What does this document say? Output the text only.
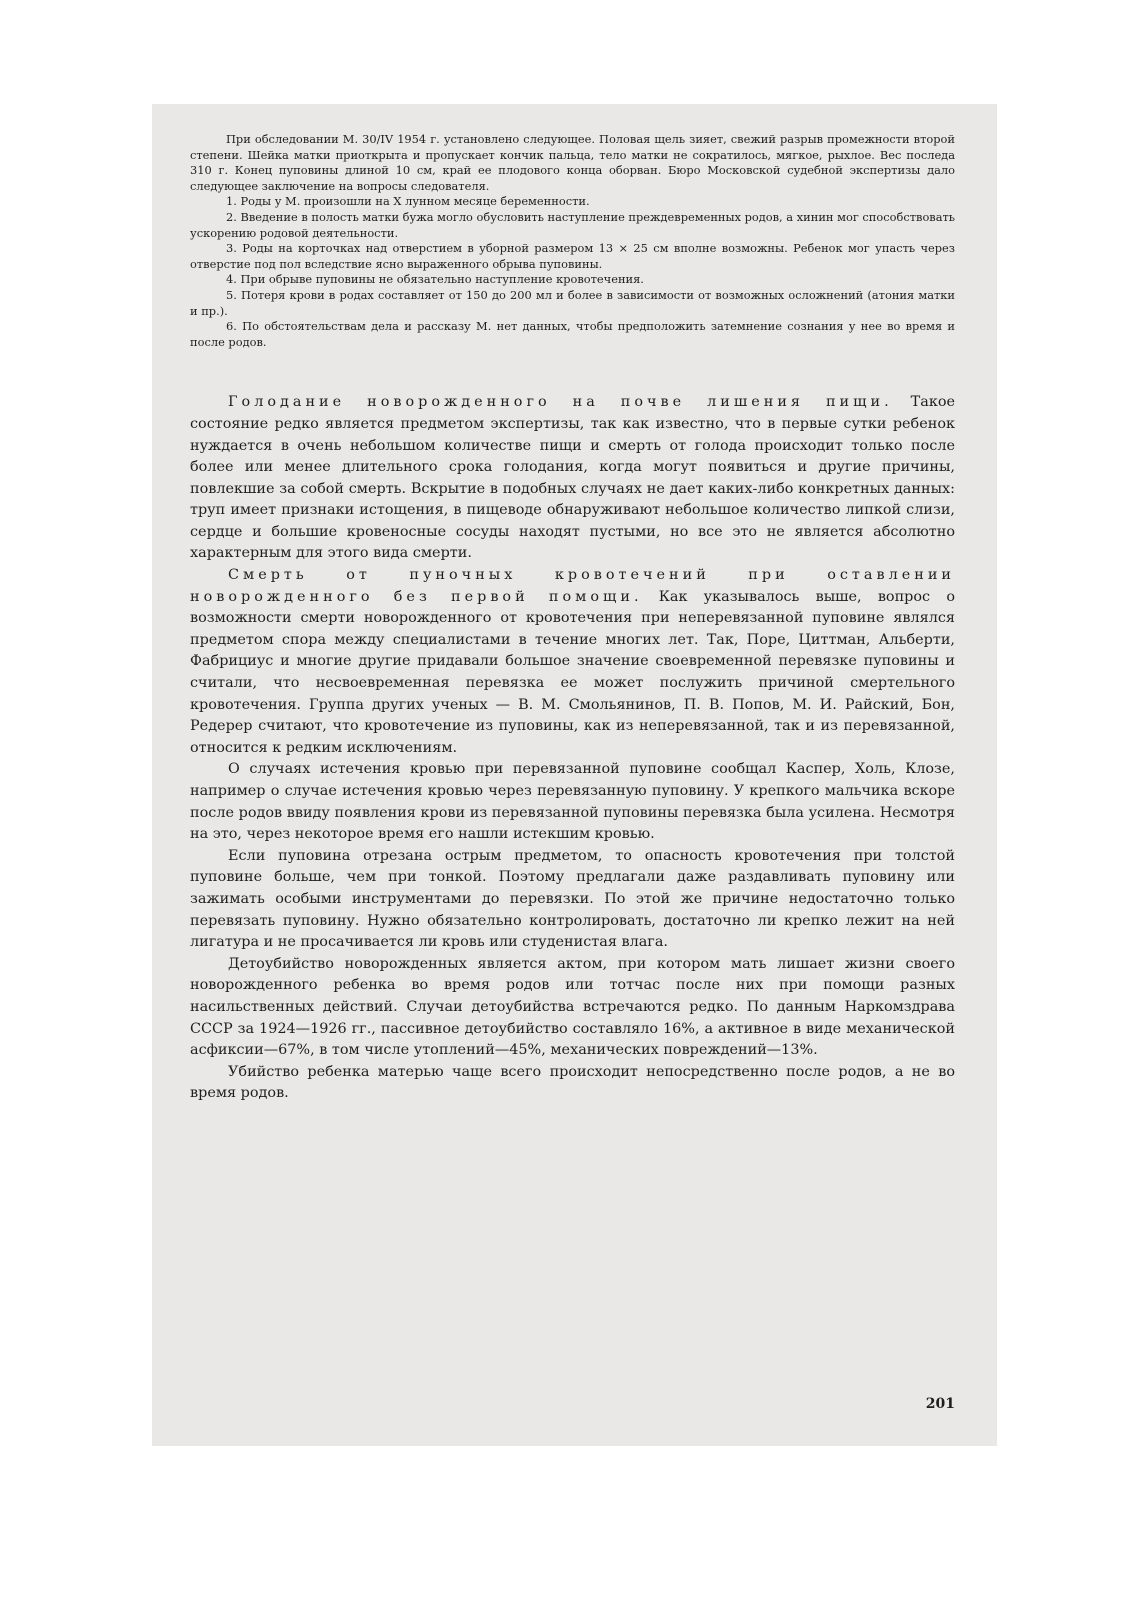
При обследовании М. 30/IV 1954 г. установлено следующее. Половая щель зияет, свежий разрыв промежности второй степени. Шейка матки приоткрыта и пропускает кончик пальца, тело матки не сократилось, мягкое, рыхлое. Вес последа 310 г. Конец пуповины длиной 10 см, край ее плодового конца оборван. Бюро Московской судебной экспертизы дало следующее заключение на вопросы следователя.

1. Роды у М. произошли на X лунном месяце беременности.

2. Введение в полость матки бужа могло обусловить наступление преждевременных родов, а хинин мог способствовать ускорению родовой деятельности.

3. Роды на корточках над отверстием в уборной размером 13 × 25 см вполне возможны. Ребенок мог упасть через отверстие под пол вследствие ясно выраженного обрыва пуповины.

4. При обрыве пуповины не обязательно наступление кровотечения.

5. Потеря крови в родах составляет от 150 до 200 мл и более в зависимости от возможных осложнений (атония матки и пр.).

6. По обстоятельствам дела и рассказу М. нет данных, чтобы предположить затемнение сознания у нее во время и после родов.

Голодание новорожденного на почве лишения пищи. Такое состояние редко является предметом экспертизы, так как известно, что в первые сутки ребенок нуждается в очень небольшом количестве пищи и смерть от голода происходит только после более или менее длительного срока голодания, когда могут появиться и другие причины, повлекшие за собой смерть. Вскрытие в подобных случаях не дает каких-либо конкретных данных: труп имеет признаки истощения, в пищеводе обнаруживают небольшое количество липкой слизи, сердце и большие кровеносные сосуды находят пустыми, но все это не является абсолютно характерным для этого вида смерти.

Смерть от пуночных кровотечений при оставлении новорожденного без первой помощи. Как указывалось выше, вопрос о возможности смерти новорожденного от кровотечения при неперевязанной пуповине являлся предметом спора между специалистами в течение многих лет. Так, Поре, Циттман, Альберти, Фабрициус и многие другие придавали большое значение своевременной перевязке пуповины и считали, что несвоевременная перевязка ее может послужить причиной смертельного кровотечения. Группа других ученых — В. М. Смольянинов, П. В. Попов, М. И. Райский, Бон, Редерер считают, что кровотечение из пуповины, как из неперевязанной, так и из перевязанной, относится к редким исключениям.

О случаях истечения кровью при перевязанной пуповине сообщал Каспер, Холь, Клозе, например о случае истечения кровью через перевязанную пуповину. У крепкого мальчика вскоре после родов ввиду появления крови из перевязанной пуповины перевязка была усилена. Несмотря на это, через некоторое время его нашли истекшим кровью.

Если пуповина отрезана острым предметом, то опасность кровотечения при толстой пуповине больше, чем при тонкой. Поэтому предлагали даже раздавливать пуповину или зажимать особыми инструментами до перевязки. По этой же причине недостаточно только перевязать пуповину. Нужно обязательно контролировать, достаточно ли крепко лежит на ней лигатура и не просачивается ли кровь или студенистая влага.

Детоубийство новорожденных является актом, при котором мать лишает жизни своего новорожденного ребенка во время родов или тотчас после них при помощи разных насильственных действий. Случаи детоубийства встречаются редко. По данным Наркомздрава СССР за 1924—1926 гг., пассивное детоубийство составляло 16%, а активное в виде механической асфиксии—67%, в том числе утоплений—45%, механических повреждений—13%.

Убийство ребенка матерью чаще всего происходит непосредственно после родов, а не во время родов.

201
